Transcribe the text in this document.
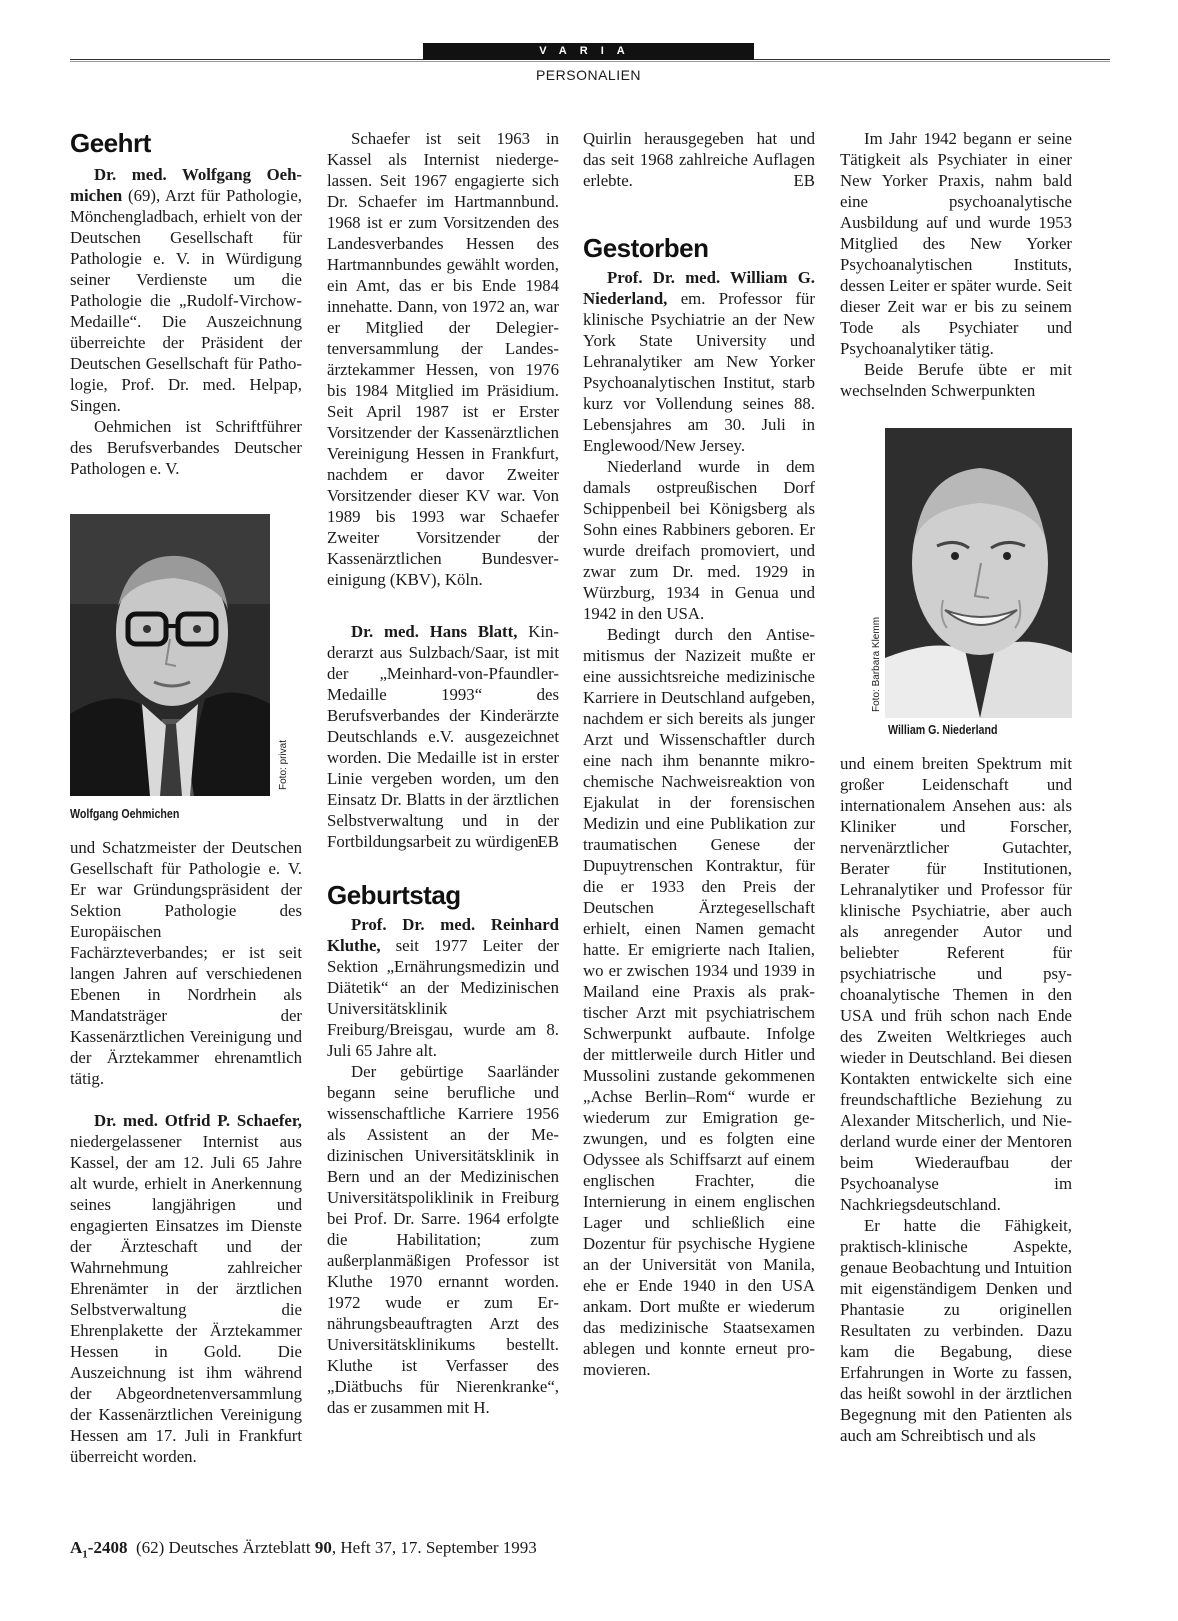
VARIA
PERSONALIEN
Geehrt

Dr. med. Wolfgang Oehmichen (69), Arzt für Pathologie, Mönchengladbach, erhielt von der Deutschen Gesellschaft für Pathologie e. V. in Würdigung seiner Verdienste um die Pathologie die „Rudolf-Virchow-Medaille“. Die Auszeichnung überreichte der Präsident der Deutschen Gesellschaft für Pathologie, Prof. Dr. med. Helpap, Singen.

Oehmichen ist Schriftführer des Berufsverbandes Deutscher Pathologen e. V.

Foto: privat
Wolfgang Oehmichen

und Schatzmeister der Deutschen Gesellschaft für Pathologie e. V. Er war Gründungspräsident der Sektion Pathologie des Europäischen Fachärzteverbandes; er ist seit langen Jahren auf verschiedenen Ebenen in Nordrhein als Mandatsträger der Kassenärztlichen Vereinigung und der Ärztekammer ehrenamtlich tätig.

Dr. med. Otfrid P. Schaefer, niedergelassener Internist aus Kassel, der am 12. Juli 65 Jahre alt wurde, erhielt in Anerkennung seines langjährigen und engagierten Einsatzes im Dienste der Ärzteschaft und der Wahrnehmung zahlreicher Ehrenämter in der ärztlichen Selbstverwaltung die Ehrenplakette der Ärztekammer Hessen in Gold. Die Auszeichnung ist ihm während der Abgeordnetenversammlung der Kassenärztlichen Vereinigung Hessen am 17. Juli in Frankfurt überreicht worden.

Schaefer ist seit 1963 in Kassel als Internist niedergelassen. Seit 1967 engagierte sich Dr. Schaefer im Hartmannbund. 1968 ist er zum Vorsitzenden des Landesverbandes Hessen des Hartmannbundes gewählt worden, ein Amt, das er bis Ende 1984 innehatte. Dann, von 1972 an, war er Mitglied der Delegiertenversammlung der Landesärztekammer Hessen, von 1976 bis 1984 Mitglied im Präsidium. Seit April 1987 ist er Erster Vorsitzender der Kassenärztlichen Vereinigung Hessen in Frankfurt, nachdem er davor Zweiter Vorsitzender dieser KV war. Von 1989 bis 1993 war Schaefer Zweiter Vorsitzender der Kassenärztlichen Bundesvereinigung (KBV), Köln.

Dr. med. Hans Blatt, Kinderarzt aus Sulzbach/Saar, ist mit der „Meinhard-von-Pfaundler-Medaille 1993“ des Berufsverbandes der Kinderärzte Deutschlands e.V. ausgezeichnet worden. Die Medaille ist in erster Linie vergeben worden, um den Einsatz Dr. Blatts in der ärztlichen Selbstverwaltung und in der Fortbildungsarbeit zu würdigen.

EB
Geburtstag

Prof. Dr. med. Reinhard Kluthe, seit 1977 Leiter der Sektion „Ernährungsmedizin und Diätetik“ an der Medizinischen Universitätsklinik Freiburg/Breisgau, wurde am 8. Juli 65 Jahre alt.

Der gebürtige Saarländer begann seine berufliche und wissenschaftliche Karriere 1956 als Assistent an der Medizinischen Universitätsklinik in Bern und an der Medizinischen Universitätspoliklinik in Freiburg bei Prof. Dr. Sarre. 1964 erfolgte die Habilitation; zum außerplanmäßigen Professor ist Kluthe 1970 ernannt worden. 1972 wude er zum Ernährungsbeauftragten Arzt des Universitätsklinikums bestellt. Kluthe ist Verfasser des „Diätbuchs für Nierenkranke“, das er zusammen mit H.

Quirlin herausgegeben hat und das seit 1968 zahlreiche Auflagen erlebte.	EB
Gestorben

Prof. Dr. med. William G. Niederland, em. Professor für klinische Psychiatrie an der New York State University und Lehranalytiker am New Yorker Psychoanalytischen Institut, starb kurz vor Vollendung seines 88. Lebensjahres am 30. Juli in Englewood/New Jersey.

Niederland wurde in dem damals ostpreußischen Dorf Schippenbeil bei Königsberg als Sohn eines Rabbiners geboren. Er wurde dreifach promoviert, und zwar zum Dr. med. 1929 in Würzburg, 1934 in Genua und 1942 in den USA.

Bedingt durch den Antisemitismus der Nazizeit mußte er eine aussichtsreiche medizinische Karriere in Deutschland aufgeben, nachdem er sich bereits als junger Arzt und Wissenschaftler durch eine nach ihm benannte mikrochemische Nachweisreaktion von Ejakulat in der forensischen Medizin und eine Publikation zur traumatischen Genese der Dupuytrenschen Kontraktur, für die er 1933 den Preis der Deutschen Ärztegesellschaft erhielt, einen Namen gemacht hatte. Er emigrierte nach Italien, wo er zwischen 1934 und 1939 in Mailand eine Praxis als praktischer Arzt mit psychiatrischem Schwerpunkt aufbaute. Infolge der mittlerweile durch Hitler und Mussolini zustande gekommenen „Achse Berlin–Rom“ wurde er wiederum zur Emigration gezwungen, und es folgten eine Odyssee als Schiffsarzt auf einem englischen Frachter, die Internierung in einem englischen Lager und schließlich eine Dozentur für psychische Hygiene an der Universität von Manila, ehe er Ende 1940 in den USA ankam. Dort mußte er wiederum das medizinische Staatsexamen ablegen und konnte erneut promovieren.

Im Jahr 1942 begann er seine Tätigkeit als Psychiater in einer New Yorker Praxis, nahm bald eine psychoanalytische Ausbildung auf und wurde 1953 Mitglied des New Yorker Psychoanalytischen Instituts, dessen Leiter er später wurde. Seit dieser Zeit war er bis zu seinem Tode als Psychiater und Psychoanalytiker tätig.

Beide Berufe übte er mit wechselnden Schwerpunkten

Foto: Barbara Klemm
William G. Niederland

und einem breiten Spektrum mit großer Leidenschaft und internationalem Ansehen aus: als Kliniker und Forscher, nervenärztlicher Gutachter, Berater für Institutionen, Lehranalytiker und Professor für klinische Psychiatrie, aber auch als anregender Autor und beliebter Referent für psychiatrische und psychoanalytische Themen in den USA und früh schon nach Ende des Zweiten Weltkrieges auch wieder in Deutschland. Bei diesen Kontakten entwickelte sich eine freundschaftliche Beziehung zu Alexander Mitscherlich, und Niederland wurde einer der Mentoren beim Wiederaufbau der Psychoanalyse im Nachkriegsdeutschland.

Er hatte die Fähigkeit, praktisch-klinische Aspekte, genaue Beobachtung und Intuition mit eigenständigem Denken und Phantasie zu originellen Resultaten zu verbinden. Dazu kam die Begabung, diese Erfahrungen in Worte zu fassen, das heißt sowohl in der ärztlichen Begegnung mit den Patienten als auch am Schreibtisch und als

$A_1-2408$ (62) Deutsches Ärzteblatt 90, Heft 37, 17. September 1993
